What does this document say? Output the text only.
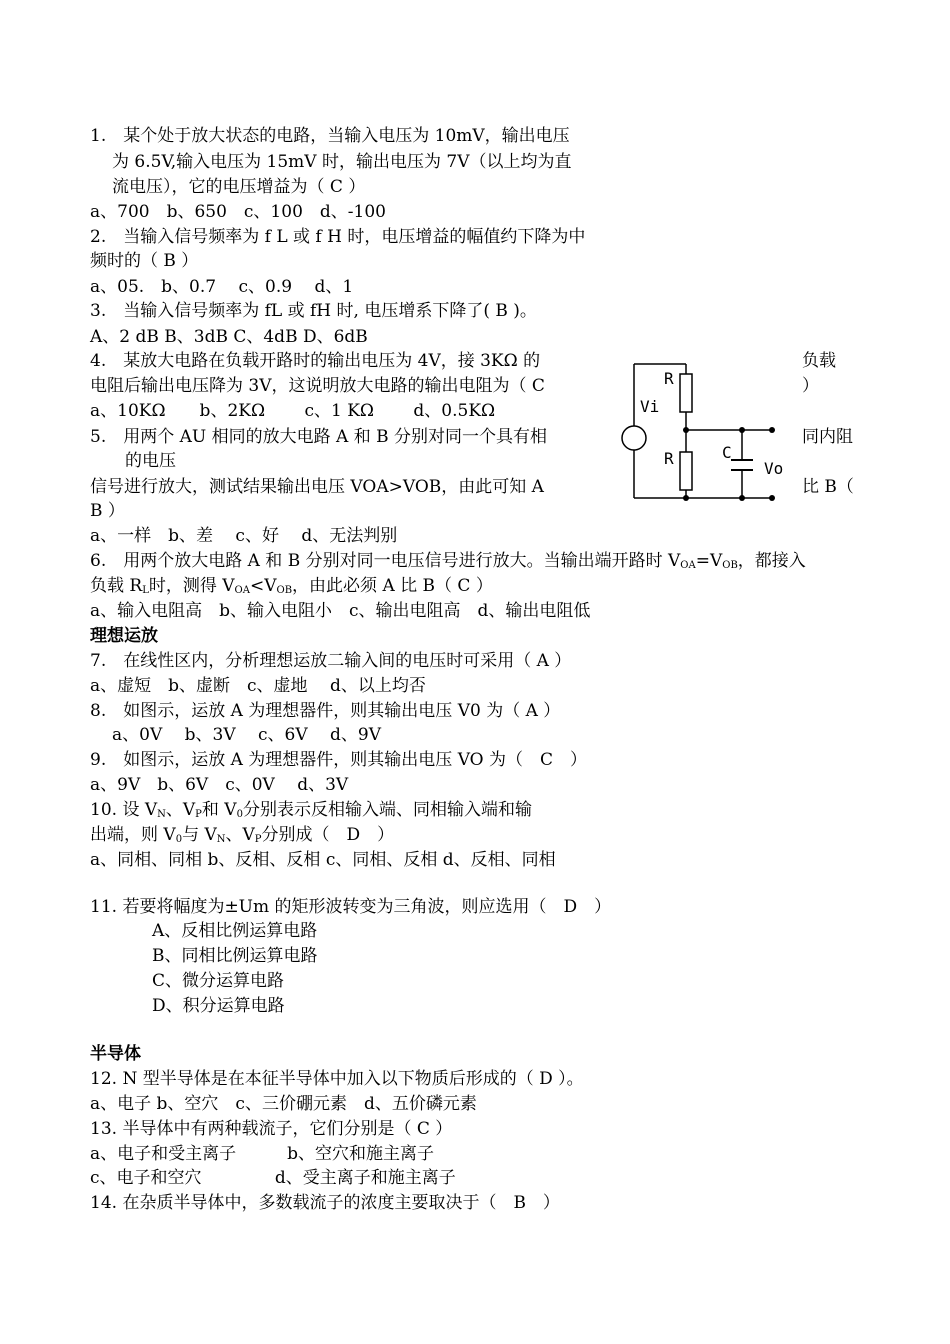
1.　某个处于放大状态的电路，当输入电压为 10mV，输出电压
为 6.5V,输入电压为 15mV 时，输出电压为 7V（以上均为直
流电压），它的电压增益为（ C ）
a、700　b、650　c、100　d、-100
2.　当输入信号频率为 f L 或 f H 时，电压增益的幅值约下降为中
频时的（ B ）
a、05.　b、0.7　 c、0.9　 d、1
3.　当输入信号频率为 fL 或 fH 时, 电压增系下降了( B )。
A、2 dB B、3dB C、4dB D、6dB
4.　某放大电路在负载开路时的输出电压为 4V，接 3KΩ 的	负载
电阻后输出电压降为 3V，这说明放大电路的输出电阻为（ C	）
a、10KΩ　　b、2KΩ　　 c、1 KΩ　　 d、0.5KΩ
5.　用两个 AU 相同的放大电路 A 和 B 分别对同一个具有相	同内阻
的电压
信号进行放大，测试结果输出电压 VOA>VOB，由此可知 A	比 B（
B ）
a、一样　b、差　 c、好　 d、无法判别
R
Vi
R	C
Vo
6.　用两个放大电路 A 和 B 分别对同一电压信号进行放大。当输出端开路时 $V_{OA}=V_{OB}$，都接入
负载 $R_L$时，测得 $V_{OA}<V_{OB}$，由此必须 A 比 B（ C ）
a、输入电阻高　b、输入电阻小　c、输出电阻高　d、输出电阻低
理想运放
7.　在线性区内，分析理想运放二输入间的电压时可采用（ A ）
a、虚短　b、虚断　c、虚地　 d、以上均否
8.　如图示，运放 A 为理想器件，则其输出电压 V0 为（ A ）
a、0V　 b、3V　 c、6V　 d、9V
9.　如图示，运放 A 为理想器件，则其输出电压 VO 为（　C　）
a、9V　b、6V　c、0V　 d、3V
10. 设 $V_N$、$V_P$和 $V_0$分别表示反相输入端、同相输入端和输
出端，则 $V_0$与 $V_N$、$V_P$分别成（　D　）
a、同相、同相 b、反相、反相 c、同相、反相 d、反相、同相
11. 若要将幅度为±Um 的矩形波转变为三角波，则应选用（　D　）
A、反相比例运算电路
B、同相比例运算电路
C、微分运算电路
D、积分运算电路
半导体
12. N 型半导体是在本征半导体中加入以下物质后形成的（ D ）。
a、电子 b、空穴　c、三价硼元素　d、五价磷元素
13. 半导体中有两种载流子，它们分别是（ C ）
a、电子和受主离子　　　b、空穴和施主离子
c、电子和空穴　　　　 d、受主离子和施主离子
14. 在杂质半导体中，多数载流子的浓度主要取决于（　B　）
